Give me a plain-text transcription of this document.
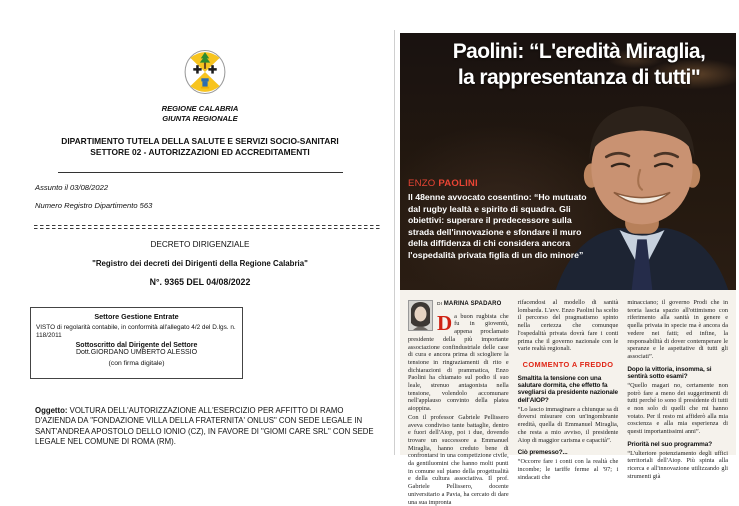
REGIONE CALABRIA
GIUNTA REGIONALE
DIPARTIMENTO TUTELA DELLA SALUTE E SERVIZI SOCIO-SANITARI
SETTORE 02 - AUTORIZZAZIONI ED ACCREDITAMENTI
Assunto il 03/08/2022
Numero Registro Dipartimento 563
DECRETO DIRIGENZIALE
"Registro dei decreti dei Dirigenti della Regione Calabria"
N°. 9365 DEL 04/08/2022
Settore Gestione Entrate
VISTO di regolarità contabile, in conformità all'allegato 4/2 del D.lgs. n. 118/2011
Sottoscritto dal Dirigente del Settore
Dott.GIORDANO UMBERTO ALESSIO
(con firma digitale)

Oggetto: VOLTURA DELL'AUTORIZZAZIONE ALL'ESERCIZIO PER AFFITTO DI RAMO D'AZIENDA DA "FONDAZIONE VILLA DELLA FRATERNITA' ONLUS" CON SEDE LEGALE IN SANT'ANDREA APOSTOLO DELLO IONIO (CZ), IN FAVORE DI "GIOMI CARE SRL" CON SEDE LEGALE NEL COMUNE DI ROMA (RM).

Paolini: “L'eredità Miraglia,
la rappresentanza di tutti"
ENZO PAOLINI
Il 48enne avvocato cosentino: “Ho mutuato dal rugby lealtà e spirito di squadra. Gli obiettivi: superare il predecessore sulla strada dell'innovazione e sfondare il muro della diffidenza di chi considera ancora l'ospedalità privata figlia di un dio minore”
DI MARINA SPADARO

Da buon rugbista che fu in gioventù, appena proclamato presidente della più importante associazione confindustriale delle case di cura e ancora prima di sciogliere la tensione in ringraziamenti di rito e dichiarazioni di prammatica, Enzo Paolini ha chiamato sul podio il suo leale, strenuo antagonista nella tensione, volendolo accomunare nell'applauso convinto della platea aioppina.

Con il professor Gabriele Pellissero aveva condiviso tante battaglie, dentro e fuori dell'Aiop, poi i due, dovendo trovare un successore a Emmanuel Miraglia, hanno creduto bene di confrontarsi in una competizione civile, da gentiluomini che hanno molti punti in comune sul piano della progettualità e della cultura associativa. Il prof. Gabriele Pellissero, docente universitario a Pavia, ha cercato di dare una sua impronta

rifacendosi al modello di sanità lombarda. L'avv. Enzo Paolini ha scelto il percorso del pragmatismo spinto nella certezza che comunque l'ospedalità privata dovrà fare i conti prima che il governo nazionale con le varie realtà regionali.

COMMENTO A FREDDO
Smaltita la tensione con una salutare dormita, che effetto fa svegliarsi da presidente nazionale dell'AIOP?

“Lo lascio immaginare a chiunque sa di doversi misurare con un'ingombrante eredità, quella di Emmanuel Miraglia, che resta a mio avviso, il presidente Aiop di maggior carisma e capacità”.

Ciò premesso?...

“Occorre fare i conti con la realtà che incombe; le tariffe ferme al '97; i sindacati che

minacciano; il governo Prodi che in teoria lascia spazio all'ottimismo con riferimento alla sanità in genere e quella privata in specie ma è ancora da vedere nei fatti; ed infine, la responsabilità di dover contemperare le speranze e le aspettative di tutti gli associati”.

Dopo la vittoria, insomma, si sentirà sotto esami?

“Quello magari no, certamente non potrò fare a meno dei suggerimenti di tutti perché io sono il presidente di tutti e non solo di quelli che mi hanno votato. Per il resto mi affiderò alla mia coscienza e alla mia esperienza di questi importantissimi anni”.

Priorità nel suo programma?

“L'ulteriore potenziamento degli uffici territoriali dell'Aiop. Più spinta alla ricerca e all'innovazione utilizzando gli strumenti già
